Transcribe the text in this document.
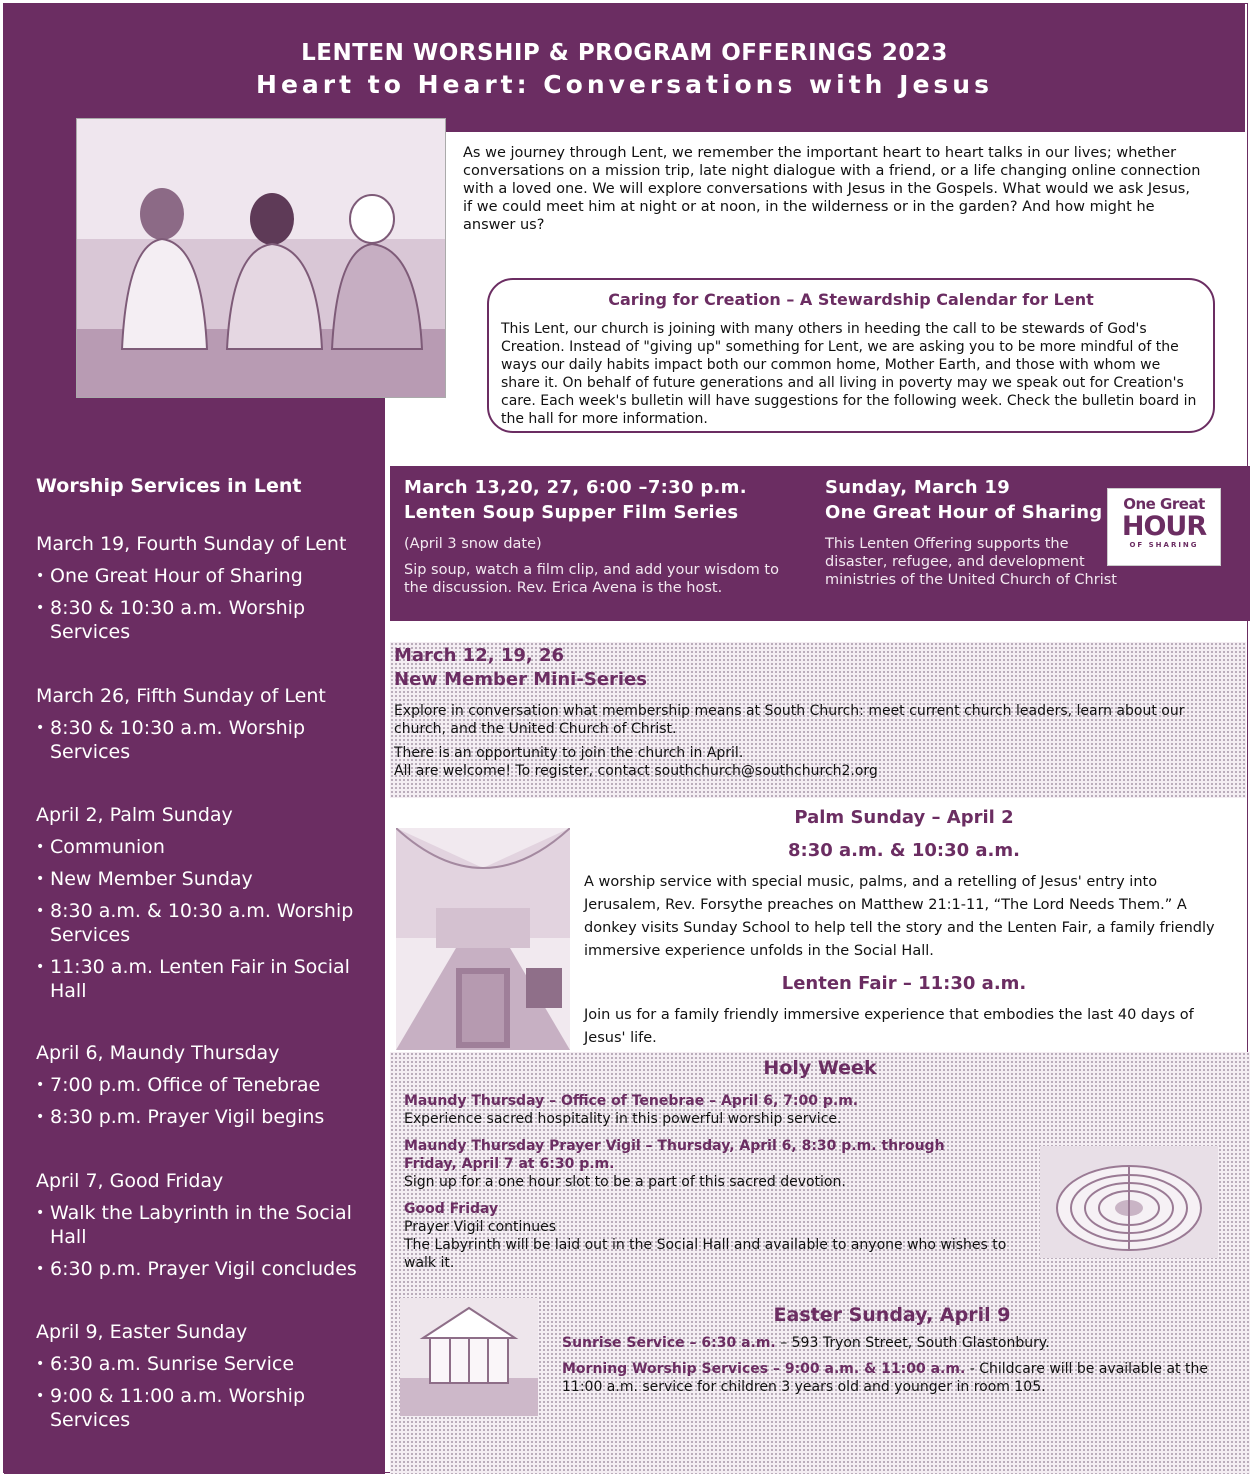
LENTEN WORSHIP & PROGRAM OFFERINGS 2023
Heart to Heart: Conversations with Jesus
As we journey through Lent, we remember the important heart to heart talks in our lives; whether conversations on a mission trip, late night dialogue with a friend, or a life changing online connection with a loved one. We will explore conversations with Jesus in the Gospels. What would we ask Jesus, if we could meet him at night or at noon, in the wilderness or in the garden? And how might he answer us?
Caring for Creation – A Stewardship Calendar for Lent
This Lent, our church is joining with many others in heeding the call to be stewards of God's Creation. Instead of "giving up" something for Lent, we are asking you to be more mindful of the ways our daily habits impact both our common home, Mother Earth, and those with whom we share it. On behalf of future generations and all living in poverty may we speak out for Creation's care. Each week's bulletin will have suggestions for the following week. Check the bulletin board in the hall for more information.
Worship Services in Lent
March 19, Fourth Sunday of Lent
• One Great Hour of Sharing
• 8:30 & 10:30 a.m. Worship Services
March 26, Fifth Sunday of Lent
• 8:30 & 10:30 a.m. Worship Services
April 2, Palm Sunday
• Communion
• New Member Sunday
• 8:30 a.m. & 10:30 a.m. Worship Services
• 11:30 a.m. Lenten Fair in Social Hall
April 6, Maundy Thursday
• 7:00 p.m. Office of Tenebrae
• 8:30 p.m. Prayer Vigil begins
April 7, Good Friday
• Walk the Labyrinth in the Social Hall
• 6:30 p.m. Prayer Vigil concludes
April 9, Easter Sunday
• 6:30 a.m. Sunrise Service
• 9:00 & 11:00 a.m. Worship Services
March 13,20, 27, 6:00 –7:30 p.m.
Lenten Soup Supper Film Series
(April 3 snow date)
Sip soup, watch a film clip, and add your wisdom to the discussion. Rev. Erica Avena is the host.
Sunday, March 19
One Great Hour of Sharing
This Lenten Offering supports the disaster, refugee, and development ministries of the United Church of Christ
One Great
HOUR
OF SHARING
March 12, 19, 26
New Member Mini-Series
Explore in conversation what membership means at South Church: meet current church leaders, learn about our church, and the United Church of Christ.
There is an opportunity to join the church in April.
All are welcome! To register, contact southchurch@southchurch2.org
Palm Sunday – April 2
8:30 a.m. & 10:30 a.m.
A worship service with special music, palms, and a retelling of Jesus' entry into Jerusalem, Rev. Forsythe preaches on Matthew 21:1-11, “The Lord Needs Them.” A donkey visits Sunday School to help tell the story and the Lenten Fair, a family friendly immersive experience unfolds in the Social Hall.
Lenten Fair – 11:30 a.m.
Join us for a family friendly immersive experience that embodies the last 40 days of Jesus' life.
Holy Week
Maundy Thursday – Office of Tenebrae – April 6, 7:00 p.m.
Experience sacred hospitality in this powerful worship service.
Maundy Thursday Prayer Vigil – Thursday, April 6, 8:30 p.m. through Friday, April 7 at 6:30 p.m.
Sign up for a one hour slot to be a part of this sacred devotion.
Good Friday
Prayer Vigil continues
The Labyrinth will be laid out in the Social Hall and available to anyone who wishes to walk it.
Easter Sunday, April 9
Sunrise Service – 6:30 a.m. – 593 Tryon Street, South Glastonbury.
Morning Worship Services – 9:00 a.m. & 11:00 a.m. - Childcare will be available at the 11:00 a.m. service for children 3 years old and younger in room 105.
